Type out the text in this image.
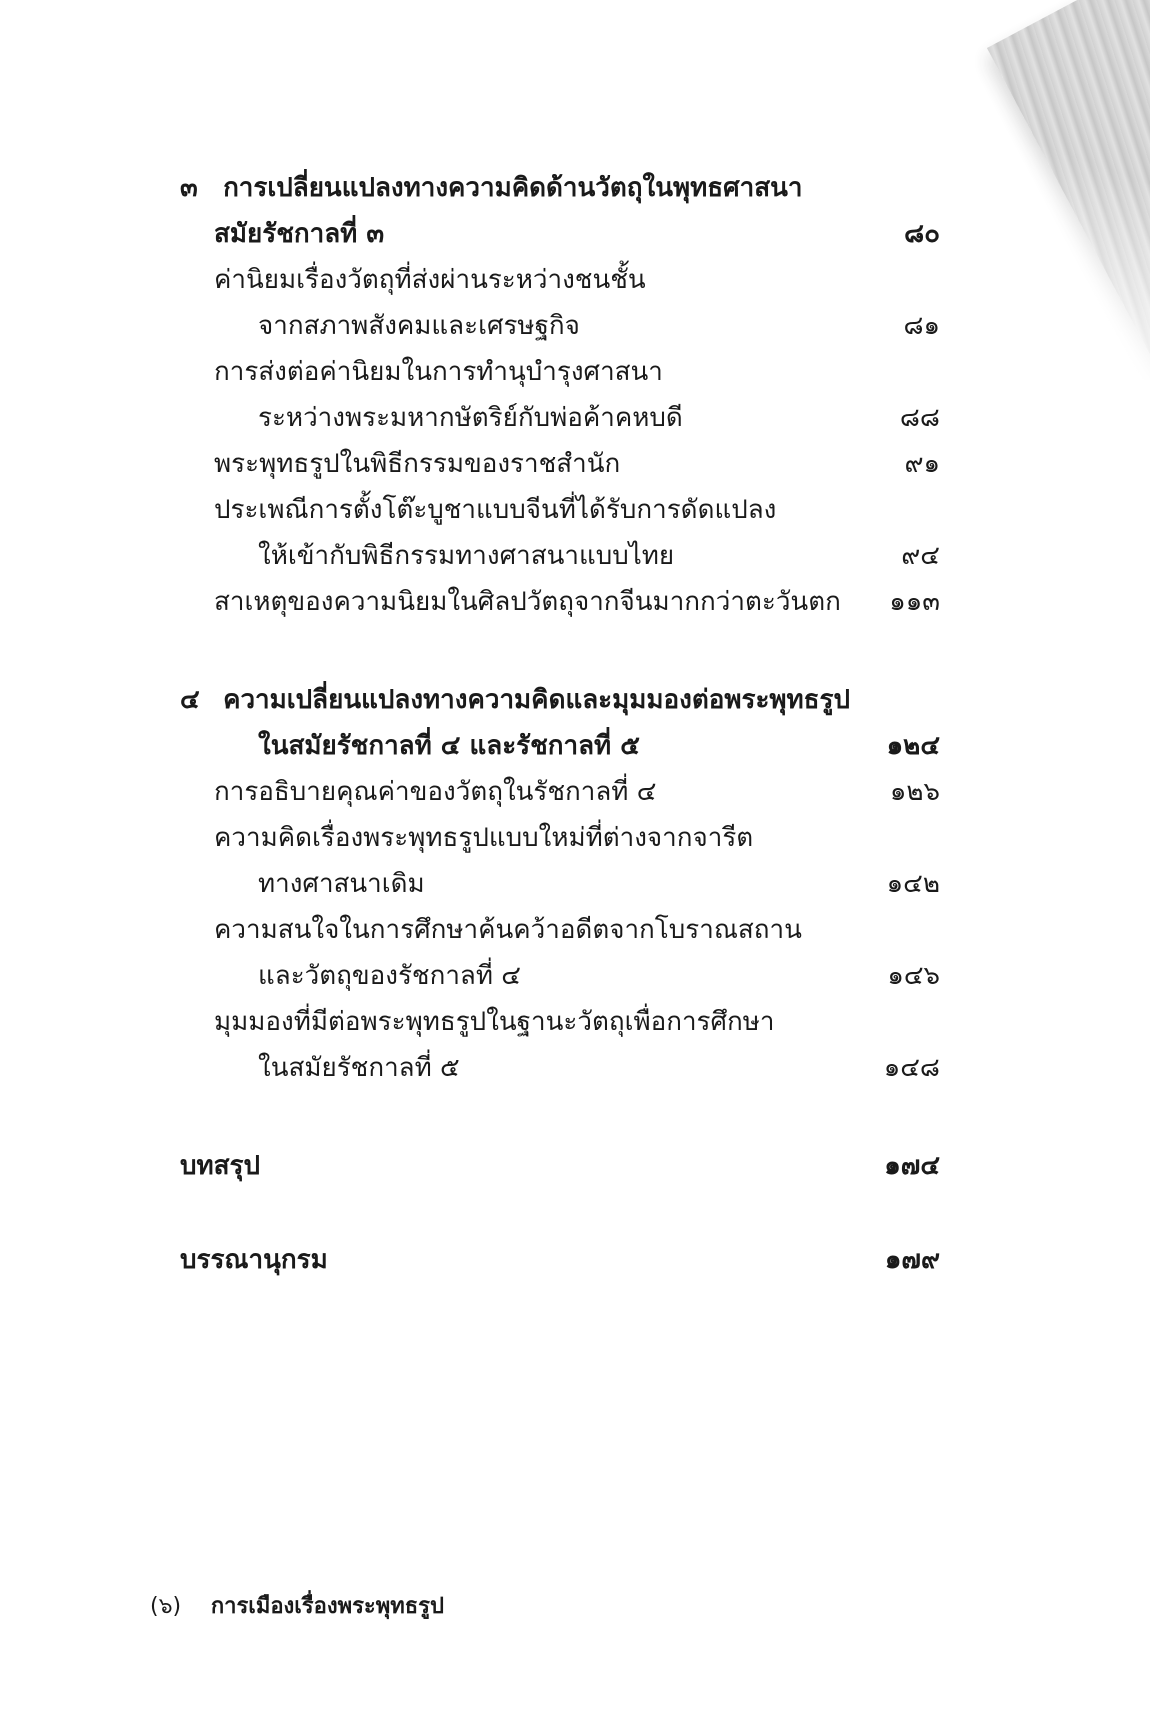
๓ การเปลี่ยนแปลงทางความคิดด้านวัตถุในพุทธศาสนา
สมัยรัชกาลที่ ๓	๘๐
ค่านิยมเรื่องวัตถุที่ส่งผ่านระหว่างชนชั้น
จากสภาพสังคมและเศรษฐกิจ	๘๑
การส่งต่อค่านิยมในการทำนุบำรุงศาสนา
ระหว่างพระมหากษัตริย์กับพ่อค้าคหบดี	๘๘
พระพุทธรูปในพิธีกรรมของราชสำนัก	๙๑
ประเพณีการตั้งโต๊ะบูชาแบบจีนที่ได้รับการดัดแปลง
ให้เข้ากับพิธีกรรมทางศาสนาแบบไทย	๙๔
สาเหตุของความนิยมในศิลปวัตถุจากจีนมากกว่าตะวันตก	๑๑๓
๔ ความเปลี่ยนแปลงทางความคิดและมุมมองต่อพระพุทธรูป
ในสมัยรัชกาลที่ ๔ และรัชกาลที่ ๕	๑๒๔
การอธิบายคุณค่าของวัตถุในรัชกาลที่ ๔	๑๒๖
ความคิดเรื่องพระพุทธรูปแบบใหม่ที่ต่างจากจารีต
ทางศาสนาเดิม	๑๔๒
ความสนใจในการศึกษาค้นคว้าอดีตจากโบราณสถาน
และวัตถุของรัชกาลที่ ๔	๑๔๖
มุมมองที่มีต่อพระพุทธรูปในฐานะวัตถุเพื่อการศึกษา
ในสมัยรัชกาลที่ ๕	๑๔๘
บทสรุป	๑๗๔
บรรณานุกรม	๑๗๙
(๖) การเมืองเรื่องพระพุทธรูป
